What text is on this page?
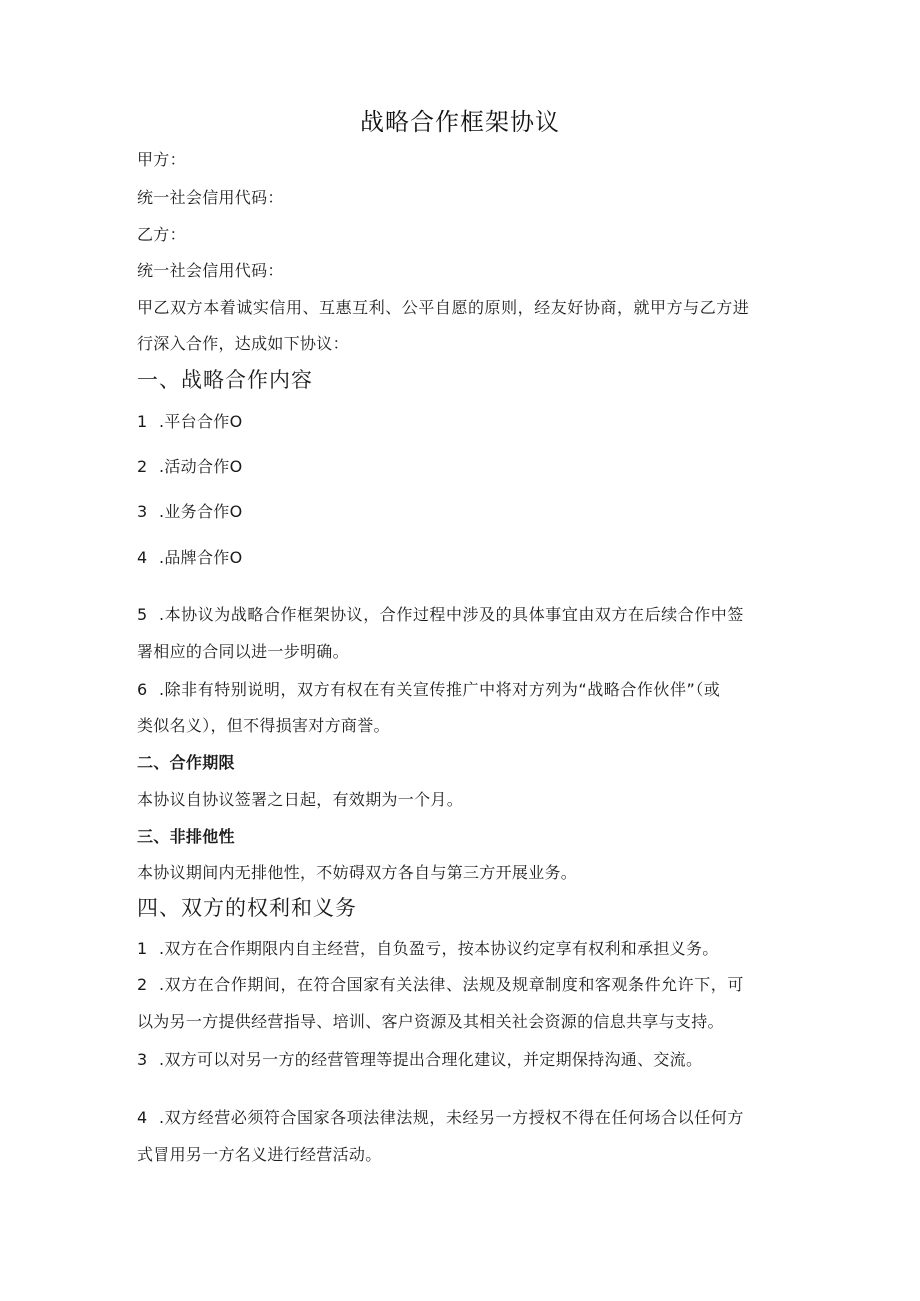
战略合作框架协议
甲方：
统一社会信用代码：
乙方：
统一社会信用代码：
甲乙双方本着诚实信用、互惠互利、公平自愿的原则，经友好协商，就甲方与乙方进
行深入合作，达成如下协议：
一、战略合作内容
1 .平台合作O
2 .活动合作O
3 .业务合作O
4 .品牌合作O
5 .本协议为战略合作框架协议，合作过程中涉及的具体事宜由双方在后续合作中签
署相应的合同以进一步明确。
6 .除非有特别说明，双方有权在有关宣传推广中将对方列为“战略合作伙伴”（或
类似名义），但不得损害对方商誉。
二、合作期限
本协议自协议签署之日起，有效期为一个月。
三、非排他性
本协议期间内无排他性，不妨碍双方各自与第三方开展业务。
四、双方的权利和义务
1 .双方在合作期限内自主经营，自负盈亏，按本协议约定享有权利和承担义务。
2 .双方在合作期间，在符合国家有关法律、法规及规章制度和客观条件允许下，可
以为另一方提供经营指导、培训、客户资源及其相关社会资源的信息共享与支持。
3 .双方可以对另一方的经营管理等提出合理化建议，并定期保持沟通、交流。
4 .双方经营必须符合国家各项法律法规，未经另一方授权不得在任何场合以任何方
式冒用另一方名义进行经营活动。
